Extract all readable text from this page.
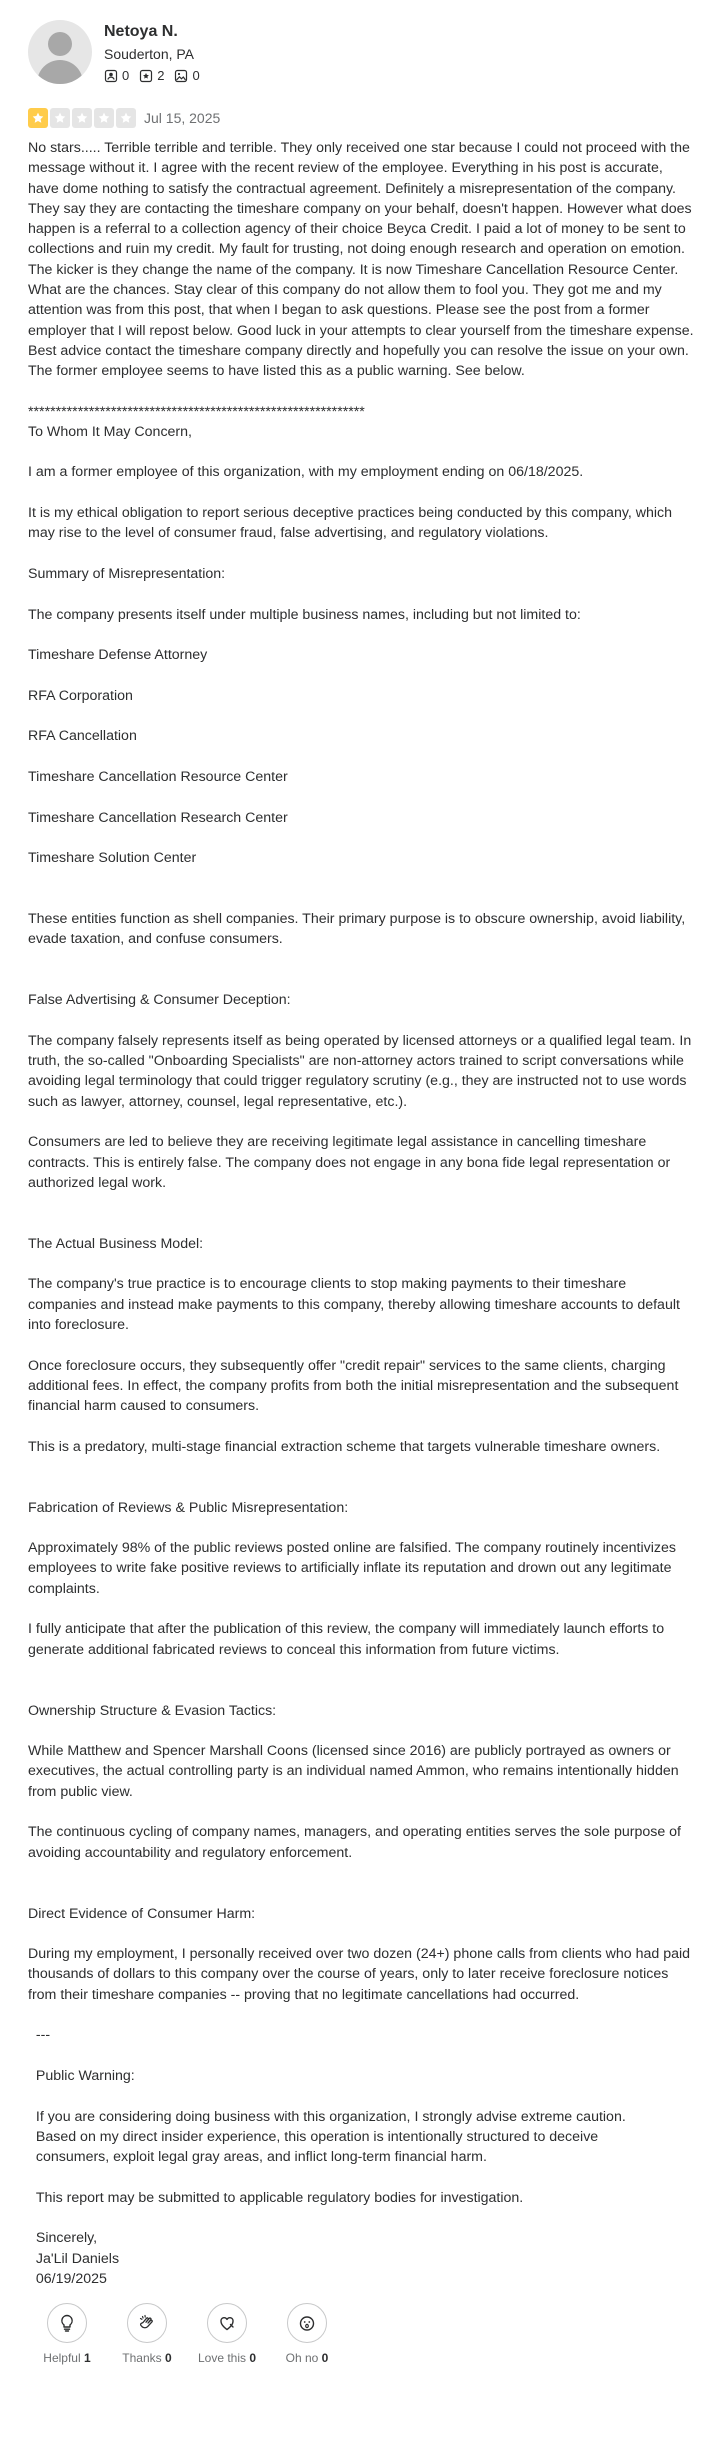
Netoya N.
Souderton, PA
0 2 0
Jul 15, 2025

No stars..... Terrible terrible and terrible. They only received one star because I could not proceed with the message without it. I agree with the recent review of the employee. Everything in his post is accurate, have dome nothing to satisfy the contractual agreement. Definitely a misrepresentation of the company. They say they are contacting the timeshare company on your behalf, doesn't happen. However what does happen is a referral to a collection agency of their choice Beyca Credit. I paid a lot of money to be sent to collections and ruin my credit. My fault for trusting, not doing enough research and operation on emotion. The kicker is they change the name of the company. It is now Timeshare Cancellation Resource Center. What are the chances. Stay clear of this company do not allow them to fool you. They got me and my attention was from this post, that when I began to ask questions. Please see the post from a former employer that I will repost below. Good luck in your attempts to clear yourself from the timeshare expense. Best advice contact the timeshare company directly and hopefully you can resolve the issue on your own. The former employee seems to have listed this as a public warning. See below.

*************************************************************
To Whom It May Concern,

I am a former employee of this organization, with my employment ending on 06/18/2025.

It is my ethical obligation to report serious deceptive practices being conducted by this company, which may rise to the level of consumer fraud, false advertising, and regulatory violations.

Summary of Misrepresentation:

The company presents itself under multiple business names, including but not limited to:

Timeshare Defense Attorney

RFA Corporation

RFA Cancellation

Timeshare Cancellation Resource Center

Timeshare Cancellation Research Center

Timeshare Solution Center

These entities function as shell companies. Their primary purpose is to obscure ownership, avoid liability, evade taxation, and confuse consumers.

False Advertising & Consumer Deception:

The company falsely represents itself as being operated by licensed attorneys or a qualified legal team. In truth, the so-called "Onboarding Specialists" are non-attorney actors trained to script conversations while avoiding legal terminology that could trigger regulatory scrutiny (e.g., they are instructed not to use words such as lawyer, attorney, counsel, legal representative, etc.).

Consumers are led to believe they are receiving legitimate legal assistance in cancelling timeshare contracts. This is entirely false. The company does not engage in any bona fide legal representation or authorized legal work.

The Actual Business Model:

The company's true practice is to encourage clients to stop making payments to their timeshare companies and instead make payments to this company, thereby allowing timeshare accounts to default into foreclosure.

Once foreclosure occurs, they subsequently offer "credit repair" services to the same clients, charging additional fees. In effect, the company profits from both the initial misrepresentation and the subsequent financial harm caused to consumers.

This is a predatory, multi-stage financial extraction scheme that targets vulnerable timeshare owners.

Fabrication of Reviews & Public Misrepresentation:

Approximately 98% of the public reviews posted online are falsified. The company routinely incentivizes employees to write fake positive reviews to artificially inflate its reputation and drown out any legitimate complaints.

I fully anticipate that after the publication of this review, the company will immediately launch efforts to generate additional fabricated reviews to conceal this information from future victims.

Ownership Structure & Evasion Tactics:

While Matthew and Spencer Marshall Coons (licensed since 2016) are publicly portrayed as owners or executives, the actual controlling party is an individual named Ammon, who remains intentionally hidden from public view.

The continuous cycling of company names, managers, and operating entities serves the sole purpose of avoiding accountability and regulatory enforcement.

Direct Evidence of Consumer Harm:

During my employment, I personally received over two dozen (24+) phone calls from clients who had paid thousands of dollars to this company over the course of years, only to later receive foreclosure notices from their timeshare companies -- proving that no legitimate cancellations had occurred.

---

Public Warning:

If you are considering doing business with this organization, I strongly advise extreme caution.
Based on my direct insider experience, this operation is intentionally structured to deceive
consumers, exploit legal gray areas, and inflict long-term financial harm.

This report may be submitted to applicable regulatory bodies for investigation.

Sincerely,
Ja'Lil Daniels
06/19/2025

Helpful 1	Thanks 0 Love this 0 Oh no 0
